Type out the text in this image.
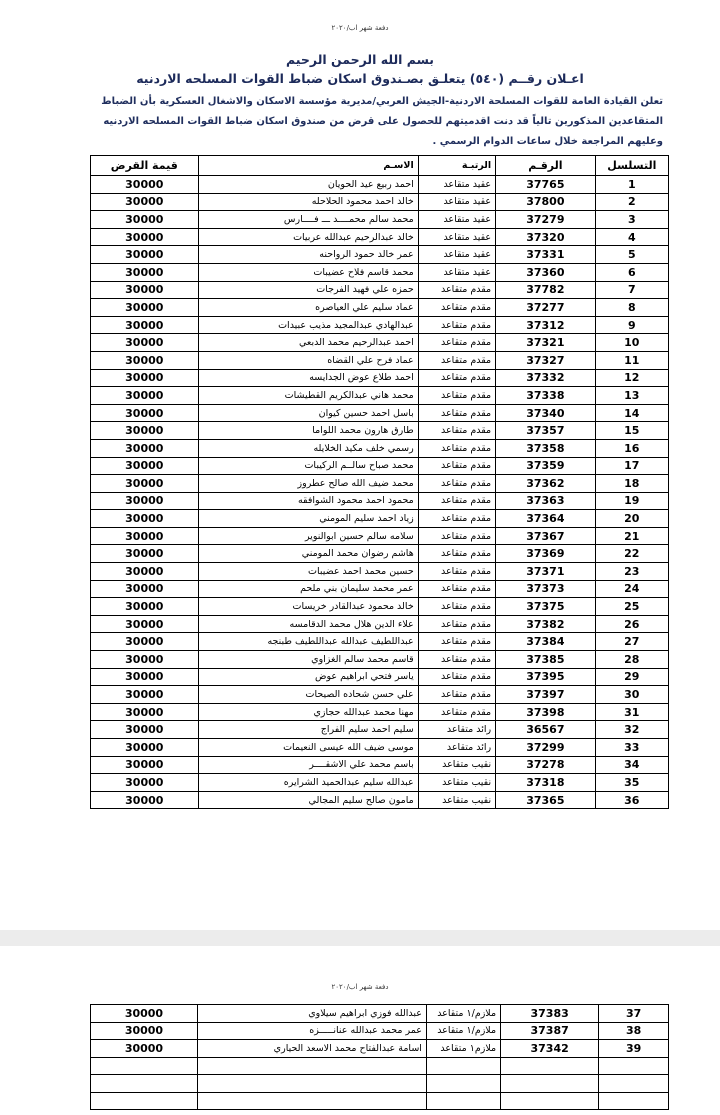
دفعة شهر اب/٢٠٢٠
بسم الله الرحمن الرحيم
اعـلان رقــم (٥٤٠) يتعلـق بصـندوق اسكان ضباط القوات المسلحه الاردنيه
تعلن القيادة العامة للقوات المسلحة الاردنية-الجيش العربي/مديرية مؤسسة الاسكان والاشغال العسكرية بأن الضباط
المتقاعدين المذكورين تالياً قد دنت اقدميتهم للحصول على قرض من صندوق اسكان ضباط القوات المسلحه الاردنيه
وعليهم المراجعة خلال ساعات الدوام الرسمي .
التسلسل	الرقـم	الرتبـة	الاسـم	قيمة القرض
1	37765	عقيد متقاعد	احمد ربيع عيد الحويان	30000
2	37800	عقيد متقاعد	خالد احمد محمود الحلاحله	30000
3	37279	عقيد متقاعد	محمد سالم محمــــد ـــ فــــارس	30000
4	37320	عقيد متقاعد	خالد عبدالرحيم عبدالله عربيات	30000
5	37331	عقيد متقاعد	عمر خالد حمود الرواحنه	30000
6	37360	عقيد متقاعد	محمد قاسم فلاح عضيبات	30000
7	37782	مقدم متقاعد	حمزه علي فهيد الفرجات	30000
8	37277	مقدم متقاعد	عماد سليم علي العياصره	30000
9	37312	مقدم متقاعد	عبدالهادي عبدالمجيد مذيب عبيدات	30000
10	37321	مقدم متقاعد	احمد عبدالرحيم محمد الدبعي	30000
11	37327	مقدم متقاعد	عماد فرح علي القضاه	30000
12	37332	مقدم متقاعد	احمد طلاع عوض الجدايسه	30000
13	37338	مقدم متقاعد	محمد هاني عبدالكريم القطيشات	30000
14	37340	مقدم متقاعد	باسل احمد حسين كيوان	30000
15	37357	مقدم متقاعد	طارق هارون محمد اللواما	30000
16	37358	مقدم متقاعد	رسمي خلف مكيد الخلايله	30000
17	37359	مقدم متقاعد	محمد صباح سالــم الركيبات	30000
18	37362	مقدم متقاعد	محمد ضيف الله صالح عطروز	30000
19	37363	مقدم متقاعد	محمود احمد محمود الشوافقه	30000
20	37364	مقدم متقاعد	زياد احمد سليم المومني	30000
21	37367	مقدم متقاعد	سلامه سالم حسين ابوالنوير	30000
22	37369	مقدم متقاعد	هاشم رضوان محمد المومني	30000
23	37371	مقدم متقاعد	حسين محمد احمد عضيبات	30000
24	37373	مقدم متقاعد	عمر محمد سليمان بني ملحم	30000
25	37375	مقدم متقاعد	خالد محمود عبدالقادر خريسات	30000
26	37382	مقدم متقاعد	علاء الدين هلال محمد الدقامسه	30000
27	37384	مقدم متقاعد	عبداللطيف عبدالله عبداللطيف طبنجه	30000
28	37385	مقدم متقاعد	قاسم محمد سالم الغزاوي	30000
29	37395	مقدم متقاعد	ياسر فتحي ابراهيم عوض	30000
30	37397	مقدم متقاعد	علي حسن شحاده الصيحات	30000
31	37398	مقدم متقاعد	مهنا محمد عبدالله حجازي	30000
32	36567	رائد متقاعد	سليم احمد سليم الفراج	30000
33	37299	رائد متقاعد	موسى ضيف الله عيسى النعيمات	30000
34	37278	نقيب متقاعد	باسم محمد علي الاشقــــر	30000
35	37318	نقيب متقاعد	عبدالله سليم عبدالحميد الشرايره	30000
36	37365	نقيب متقاعد	مامون صالح سليم المجالي	30000
دفعة شهر اب/٢٠٢٠
37	37383	ملازم/١ متقاعد	عبدالله فوزي ابراهيم سيلاوي	30000
38	37387	ملازم/١ متقاعد	عمر محمد عبدالله عنانـــــزه	30000
39	37342	ملازم١ متقاعد	اسامة عبدالفتاح محمد الاسعد الحياري	30000
